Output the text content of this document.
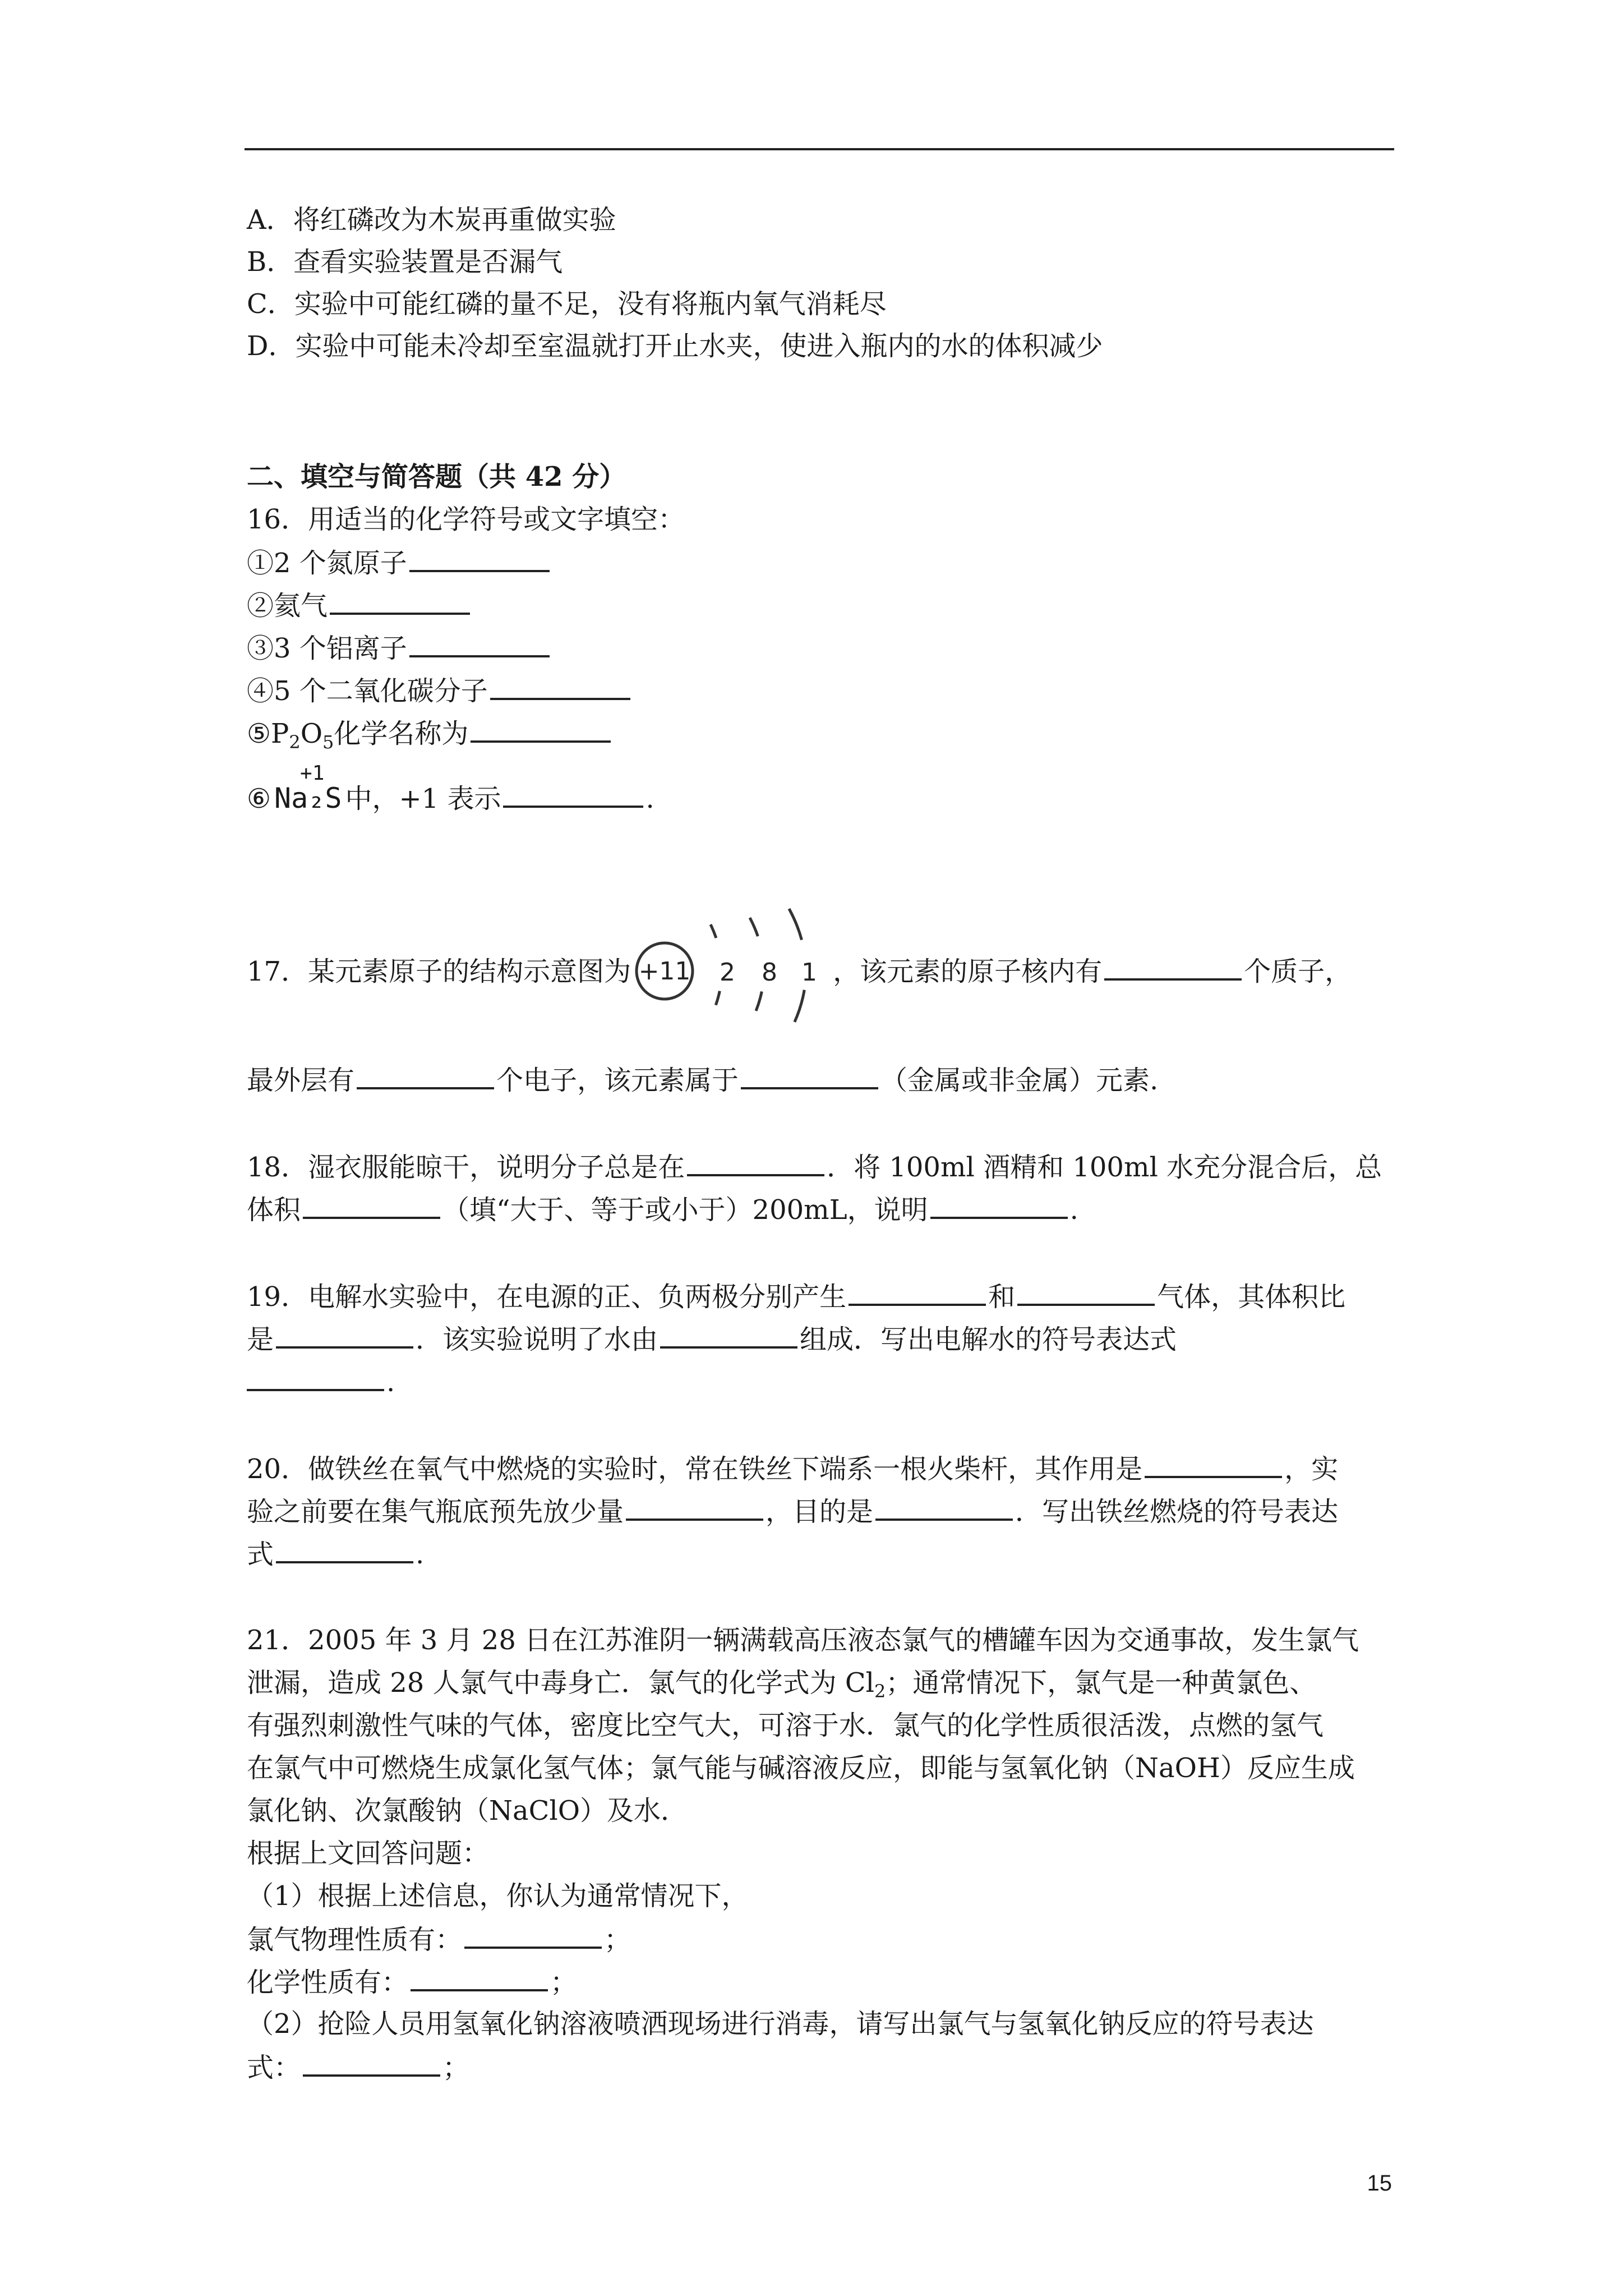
A．将红磷改为木炭再重做实验
B．查看实验装置是否漏气
C．实验中可能红磷的量不足，没有将瓶内氧气消耗尽
D．实验中可能未冷却至室温就打开止水夹，使进入瓶内的水的体积减少
二、填空与简答题（共 42 分）
16．用适当的化学符号或文字填空：
①2 个氮原子
②氦气
③3 个铝离子
④5 个二氧化碳分子
$⑤P_2O_5$化学名称为
⑥
+1
Na₂S 中，+1 表示	.
17．某元素原子的结构示意图为 +11 2 8 1 ，该元素的原子核内有	个质子，
最外层有	个电子，该元素属于	（金属或非金属）元素.
18．湿衣服能晾干，说明分子总是在	．将 100ml 酒精和 100ml 水充分混合后，总
体积	（填“大于、等于或小于）200mL，说明	.
19．电解水实验中，在电源的正、负两极分别产生	和	气体，其体积比
是	．该实验说明了水由	组成．写出电解水的符号表达式
.
20．做铁丝在氧气中燃烧的实验时，常在铁丝下端系一根火柴杆，其作用是	，实
验之前要在集气瓶底预先放少量	，目的是	．写出铁丝燃烧的符号表达
式	.
21．2005 年 3 月 28 日在江苏淮阴一辆满载高压液态氯气的槽罐车因为交通事故，发生氯气
泄漏，造成 28 人氯气中毒身亡．氯气的化学式为 $Cl_2$；通常情况下，氯气是一种黄氯色、
有强烈刺激性气味的气体，密度比空气大，可溶于水．氯气的化学性质很活泼，点燃的氢气
在氯气中可燃烧生成氯化氢气体；氯气能与碱溶液反应，即能与氢氧化钠（NaOH）反应生成
氯化钠、次氯酸钠（NaClO）及水．
根据上文回答问题：
（1）根据上述信息，你认为通常情况下，
氯气物理性质有：	；
化学性质有：	；
（2）抢险人员用氢氧化钠溶液喷洒现场进行消毒，请写出氯气与氢氧化钠反应的符号表达
式：	；
15
